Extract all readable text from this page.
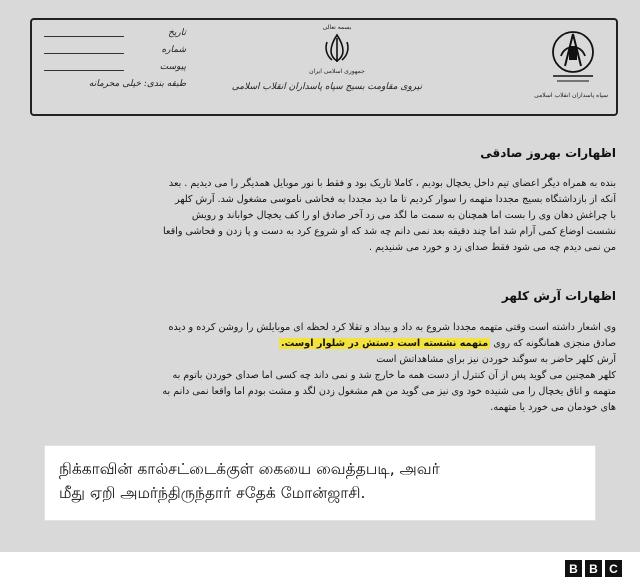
تاریخ
شماره
پیوست
طبقه بندی: خیلی محرمانه
بسمه تعالی
جمهوری اسلامی ایران
نیروی مقاومت بسیج سپاه پاسداران انقلاب اسلامی
سپاه پاسداران انقلاب اسلامی
اظهارات بهروز صادقی
بنده به همراه دیگر اعضای تیم داخل یخچال بودیم ، کاملا تاریک بود و فقط با نور موبایل همدیگر را می دیدیم . بعد
آنکه از بازداشتگاه بسیج مجددا متهمه را سوار کردیم تا ما دید مجددا به فحاشی ناموسی مشغول شد. آرش کلهر
با چراغش دهان وی را بست اما همچنان به سمت ما لگد می زد آخر صادق او را کف یخچال خواباند و رویش
نشست اوضاع کمی آرام شد اما چند دقیقه بعد نمی دانم چه شد که او شروع کرد به دست و پا زدن و فحاشی واقعا
من نمی دیدم چه می شود فقط صدای زد و خورد می شنیدیم .
اظهارات آرش کلهر
وی اشعار داشته است وقتی متهمه مجددا شروع به داد و بیداد و تقلا کرد لحظه ای موبایلش را روشن کرده و دیده
صادق منجزی همانگونه که روی متهمه نشسته است دستش در شلوار اوست.
آرش کلهر حاضر به سوگند خوردن نیز برای مشاهداتش است
کلهر همچنین می گوید پس از آن کنترل از دست همه ما خارج شد و نمی داند چه کسی اما صدای خوردن باتوم به
متهمه و اتاق یخچال را می شنیده خود وی نیز می گوید من هم مشغول زدن لگد و مشت بودم اما واقعا نمی دانم به
های خودمان می خورد یا متهمه.
நிக்காவின் கால்சட்டைக்குள் கையை வைத்தபடி, அவர்
மீது ஏறி அமர்ந்திருந்தார் சதேக் மோன்ஜாசி.
B B C
